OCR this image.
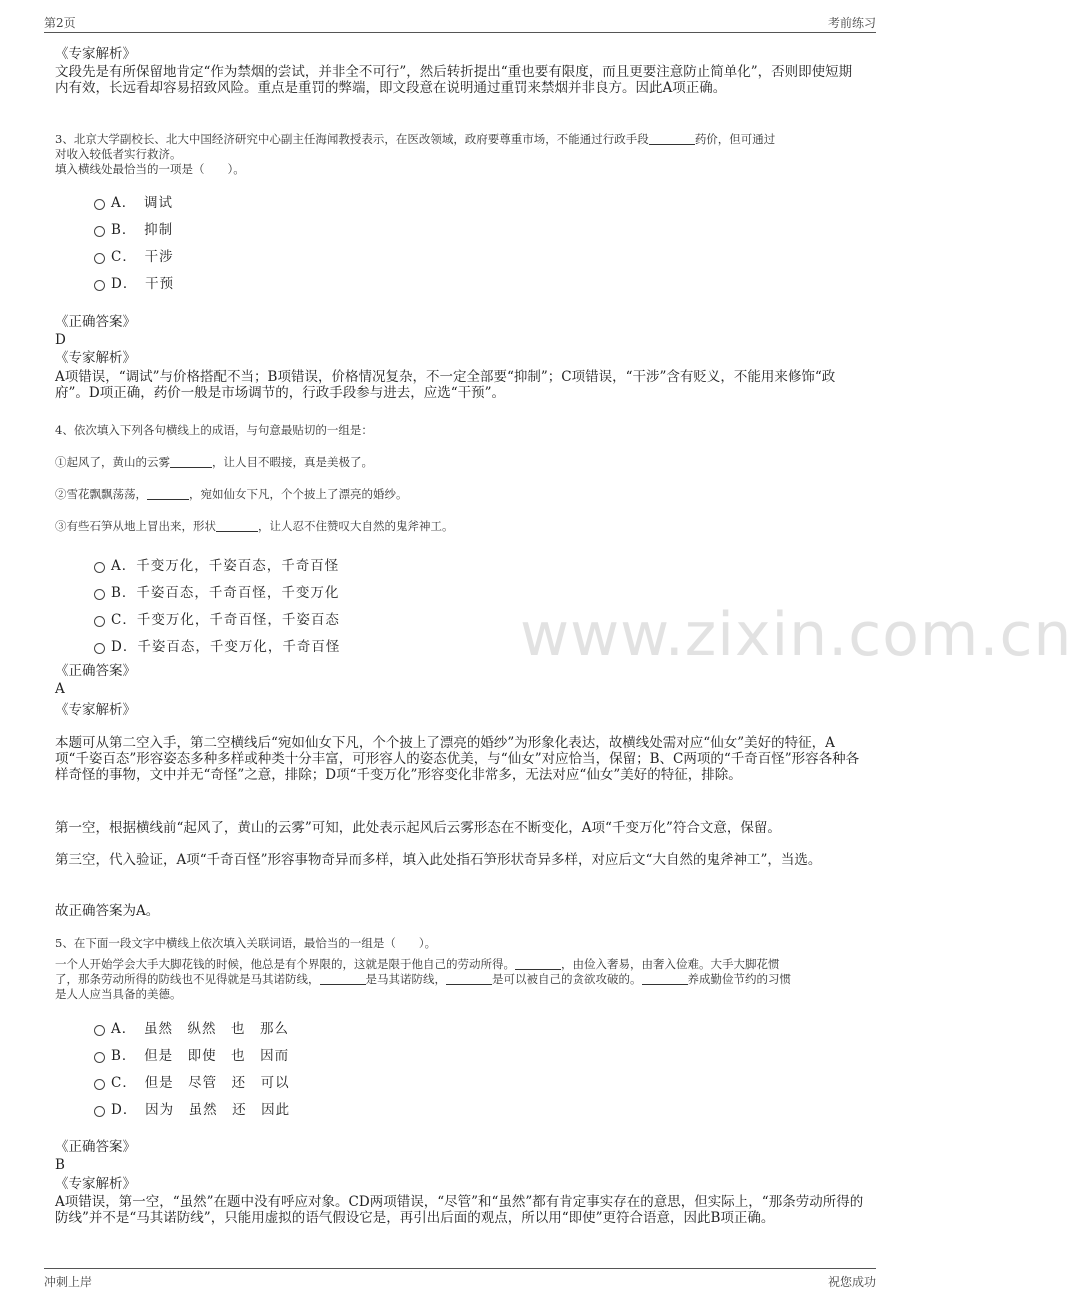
第2页	考前练习
www.zixin.com.cn
《专家解析》
文段先是有所保留地肯定“作为禁烟的尝试，并非全不可行”，然后转折提出“重也要有限度，而且更要注意防止简单化”，否则即使短期内有效，长远看却容易招致风险。重点是重罚的弊端，即文段意在说明通过重罚来禁烟并非良方。因此A项正确。
3、北京大学副校长、北大中国经济研究中心副主任海闻教授表示，在医改领域，政府要尊重市场，不能通过行政手段	药价，但可通过
对收入较低者实行救济。
填入横线处最恰当的一项是（　　）。
A．　调试
B．　抑制
C．　干涉
D．　干预
《正确答案》
D
《专家解析》
A项错误，“调试”与价格搭配不当；B项错误，价格情况复杂，不一定全部要“抑制”；C项错误，“干涉”含有贬义，不能用来修饰“政府”。D项正确，药价一般是市场调节的，行政手段参与进去，应选“干预”。
4、依次填入下列各句横线上的成语，与句意最贴切的一组是：
①起风了，黄山的云雾	，让人目不暇接，真是美极了。
②雪花飘飘荡荡，	，宛如仙女下凡，个个披上了漂亮的婚纱。
③有些石笋从地上冒出来，形状	，让人忍不住赞叹大自然的鬼斧神工。
A．千变万化，千姿百态，千奇百怪
B．千姿百态，千奇百怪，千变万化
C．千变万化，千奇百怪，千姿百态
D．千姿百态，千变万化，千奇百怪
《正确答案》
A
《专家解析》
本题可从第二空入手，第二空横线后“宛如仙女下凡，个个披上了漂亮的婚纱”为形象化表达，故横线处需对应“仙女”美好的特征，A项“千姿百态”形容姿态多种多样或种类十分丰富，可形容人的姿态优美，与“仙女”对应恰当，保留；B、C两项的“千奇百怪”形容各种各样奇怪的事物，文中并无“奇怪”之意，排除；D项“千变万化”形容变化非常多，无法对应“仙女”美好的特征，排除。
第一空，根据横线前“起风了，黄山的云雾”可知，此处表示起风后云雾形态在不断变化，A项“千变万化”符合文意，保留。
第三空，代入验证，A项“千奇百怪”形容事物奇异而多样，填入此处指石笋形状奇异多样，对应后文“大自然的鬼斧神工”，当选。
故正确答案为A。
5、在下面一段文字中横线上依次填入关联词语，最恰当的一组是（　　）。
一个人开始学会大手大脚花钱的时候，他总是有个界限的，这就是限于他自己的劳动所得。	，由俭入奢易，由奢入俭难。大手大脚花惯
了，那条劳动所得的防线也不见得就是马其诺防线，	是马其诺防线，	是可以被自己的贪欲攻破的。	养成勤俭节约的习惯
是人人应当具备的美德。
A．　虽然　纵然　也　那么
B．　但是　即使　也　因而
C．　但是　尽管　还　可以
D．　因为　虽然　还　因此
《正确答案》
B
《专家解析》
A项错误，第一空，“虽然”在题中没有呼应对象。CD两项错误，“尽管”和“虽然”都有肯定事实存在的意思，但实际上，“那条劳动所得的防线”并不是“马其诺防线”，只能用虚拟的语气假设它是，再引出后面的观点，所以用“即使”更符合语意，因此B项正确。
冲刺上岸	祝您成功
